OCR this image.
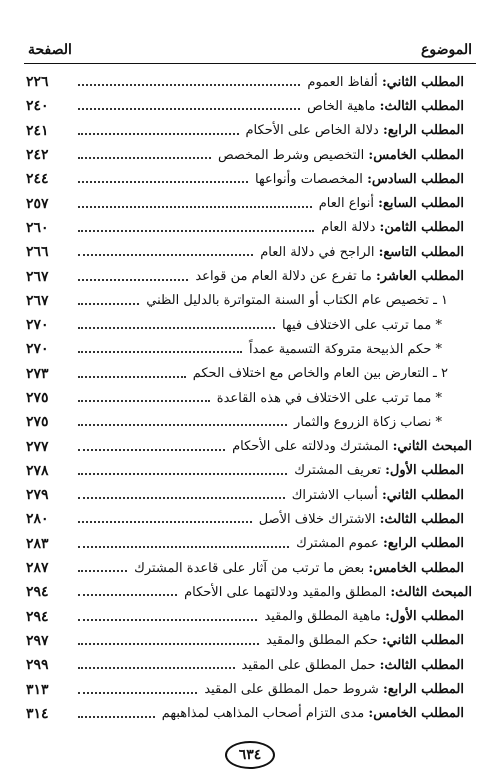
الموضوع
الصفحة
المطلب الثاني: ألفاظ العموم
٢٢٦
المطلب الثالث: ماهية الخاص
٢٤٠
المطلب الرابع: دلالة الخاص على الأحكام
٢٤١
المطلب الخامس: التخصيص وشرط المخصص
٢٤٢
المطلب السادس: المخصصات وأنواعها
٢٤٤
المطلب السابع: أنواع العام
٢٥٧
المطلب الثامن: دلالة العام
٢٦٠
المطلب التاسع: الراجح في دلالة العام
٢٦٦
المطلب العاشر: ما تفرع عن دلالة العام من قواعد
٢٦٧
١ ـ تخصيص عام الكتاب أو السنة المتواترة بالدليل الظني
٢٦٧
* مما ترتب على الاختلاف فيها
٢٧٠
* حكم الذبيحة متروكة التسمية عمداً
٢٧٠
٢ ـ التعارض بين العام والخاص مع اختلاف الحكم
٢٧٣
* مما ترتب على الاختلاف في هذه القاعدة
٢٧٥
* نصاب زكاة الزروع والثمار
٢٧٥
المبحث الثاني: المشترك ودلالته على الأحكام
٢٧٧
المطلب الأول: تعريف المشترك
٢٧٨
المطلب الثاني: أسباب الاشتراك
٢٧٩
المطلب الثالث: الاشتراك خلاف الأصل
٢٨٠
المطلب الرابع: عموم المشترك
٢٨٣
المطلب الخامس: بعض ما ترتب من آثار على قاعدة المشترك
٢٨٧
المبحث الثالث: المطلق والمقيد ودلالتهما على الأحكام
٢٩٤
المطلب الأول: ماهية المطلق والمقيد
٢٩٤
المطلب الثاني: حكم المطلق والمقيد
٢٩٧
المطلب الثالث: حمل المطلق على المقيد
٢٩٩
المطلب الرابع: شروط حمل المطلق على المقيد
٣١٣
المطلب الخامس: مدى التزام أصحاب المذاهب لمذاهبهم
٣١٤
٦٣٤
